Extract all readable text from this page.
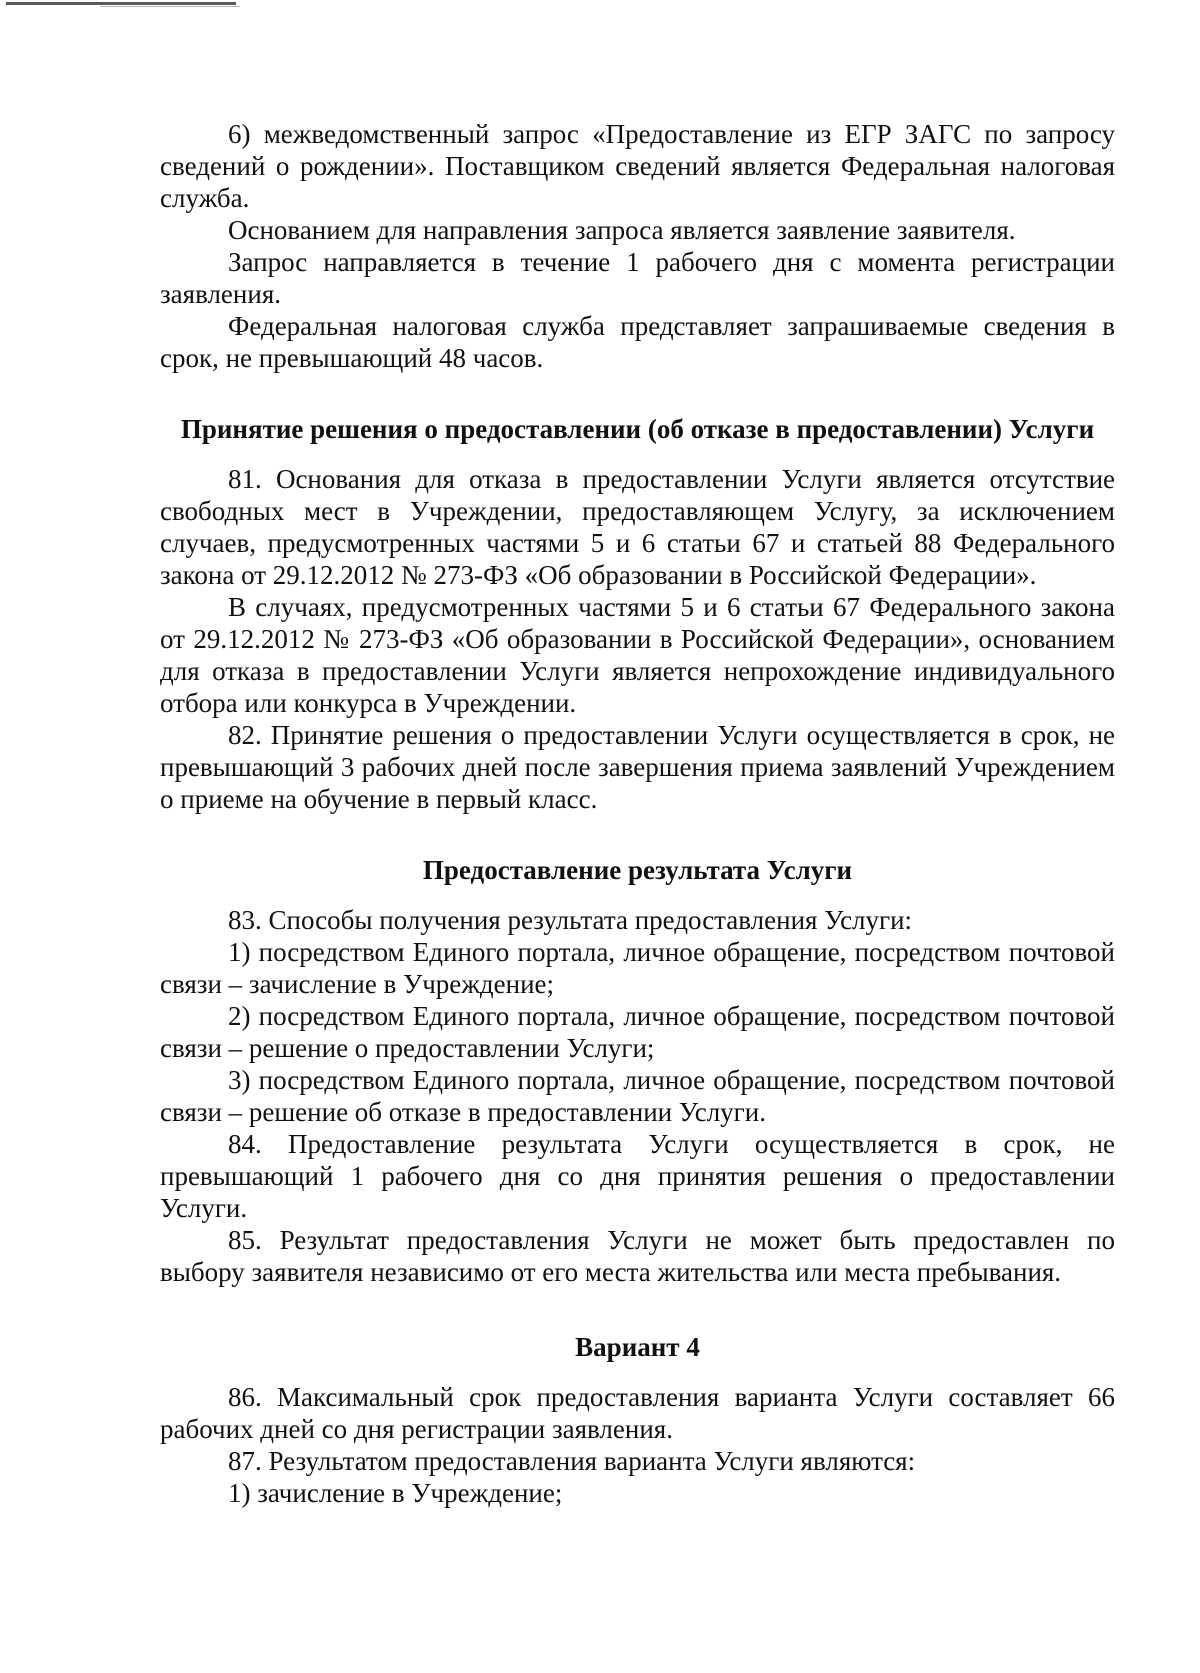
6) межведомственный запрос «Предоставление из ЕГР ЗАГС по запросу сведений о рождении». Поставщиком сведений является Федеральная налоговая служба.

Основанием для направления запроса является заявление заявителя.

Запрос направляется в течение 1 рабочего дня с момента регистрации заявления.

Федеральная налоговая служба представляет запрашиваемые сведения в срок, не превышающий 48 часов.

Принятие решения о предоставлении (об отказе в предоставлении) Услуги

81. Основания для отказа в предоставлении Услуги является отсутствие свободных мест в Учреждении, предоставляющем Услугу, за исключением случаев, предусмотренных частями 5 и 6 статьи 67 и статьей 88 Федерального закона от 29.12.2012 № 273-ФЗ «Об образовании в Российской Федерации».

В случаях, предусмотренных частями 5 и 6 статьи 67 Федерального закона от 29.12.2012 № 273-ФЗ «Об образовании в Российской Федерации», основанием для отказа в предоставлении Услуги является непрохождение индивидуального отбора или конкурса в Учреждении.

82. Принятие решения о предоставлении Услуги осуществляется в срок, не превышающий 3 рабочих дней после завершения приема заявлений Учреждением о приеме на обучение в первый класс.

Предоставление результата Услуги

83. Способы получения результата предоставления Услуги:

1) посредством Единого портала, личное обращение, посредством почтовой связи – зачисление в Учреждение;

2) посредством Единого портала, личное обращение, посредством почтовой связи – решение о предоставлении Услуги;

3) посредством Единого портала, личное обращение, посредством почтовой связи – решение об отказе в предоставлении Услуги.

84. Предоставление результата Услуги осуществляется в срок, не превышающий 1 рабочего дня со дня принятия решения о предоставлении Услуги.

85. Результат предоставления Услуги не может быть предоставлен по выбору заявителя независимо от его места жительства или места пребывания.

Вариант 4

86. Максимальный срок предоставления варианта Услуги составляет 66 рабочих дней со дня регистрации заявления.

87. Результатом предоставления варианта Услуги являются:

1) зачисление в Учреждение;
